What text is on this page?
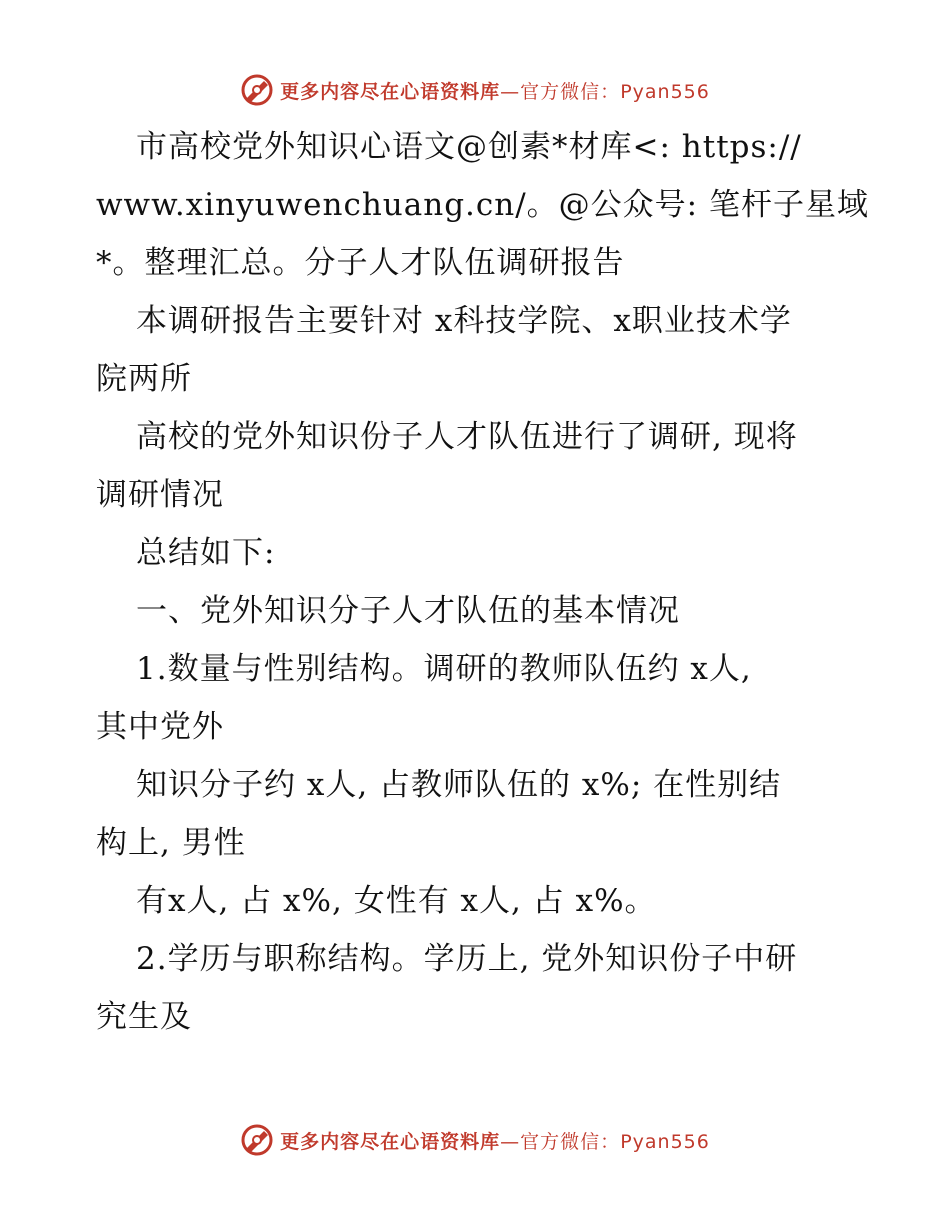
更多内容尽在心语资料库—官方微信：Pyan556
市高校党外知识心语文@创素*材库<: https://
www.xinyuwenchuang.cn/。@公众号: 笔杆子星域
*。整理汇总。分子人才队伍调研报告
本调研报告主要针对 x科技学院、x职业技术学
院两所
高校的党外知识份子人才队伍进行了调研, 现将
调研情况
总结如下:
一、党外知识分子人才队伍的基本情况
1.数量与性别结构。调研的教师队伍约 x人,
其中党外
知识分子约 x人, 占教师队伍的 x%; 在性别结
构上, 男性
有x人, 占 x%, 女性有 x人, 占 x%。
2.学历与职称结构。学历上, 党外知识份子中研
究生及
更多内容尽在心语资料库—官方微信：Pyan556
